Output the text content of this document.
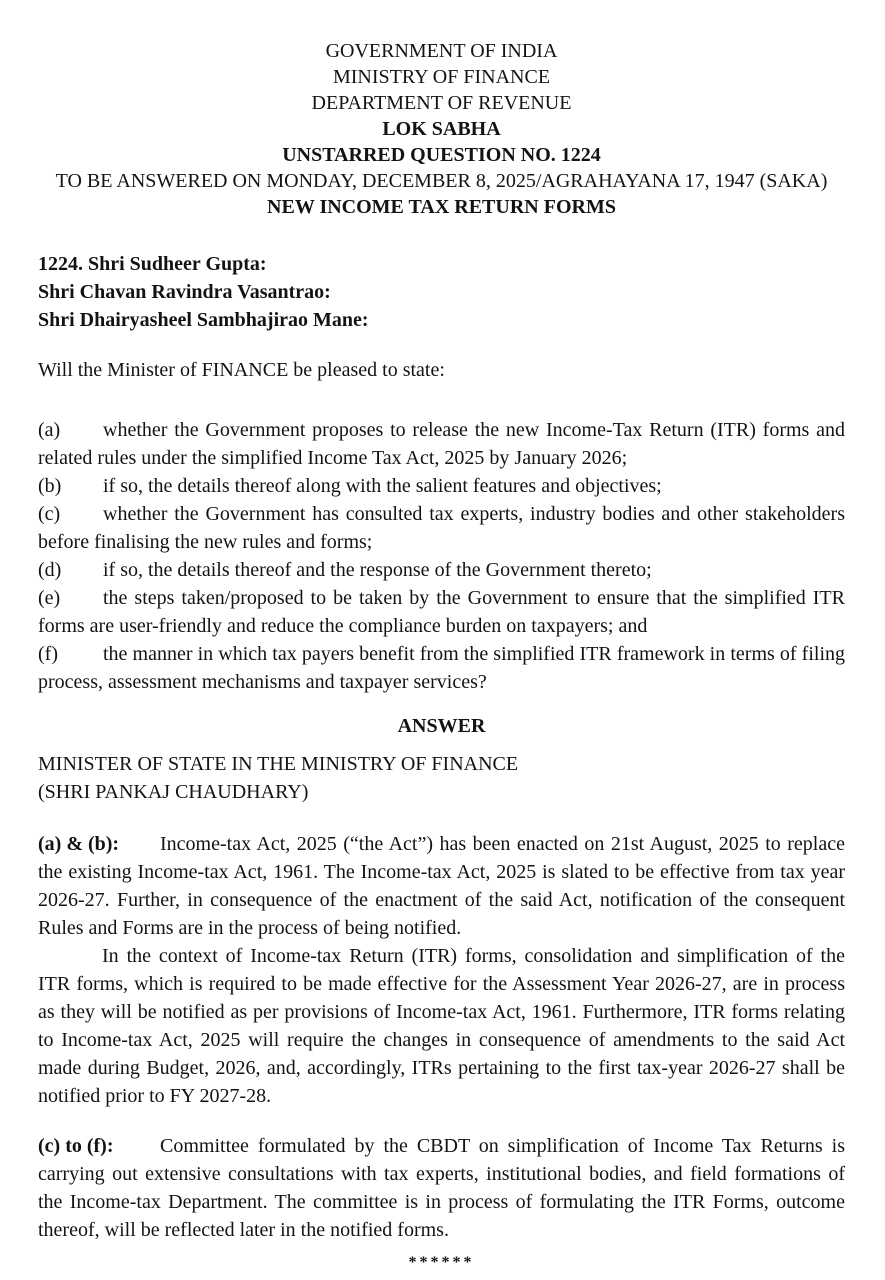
GOVERNMENT OF INDIA
MINISTRY OF FINANCE
DEPARTMENT OF REVENUE
LOK SABHA
UNSTARRED QUESTION NO. 1224
TO BE ANSWERED ON MONDAY, DECEMBER 8, 2025/AGRAHAYANA 17, 1947 (SAKA)
NEW INCOME TAX RETURN FORMS
1224. Shri Sudheer Gupta:
Shri Chavan Ravindra Vasantrao:
Shri Dhairyasheel Sambhajirao Mane:
Will the Minister of FINANCE be pleased to state:

(a) whether the Government proposes to release the new Income-Tax Return (ITR) forms and related rules under the simplified Income Tax Act, 2025 by January 2026;

(b) if so, the details thereof along with the salient features and objectives;

(c) whether the Government has consulted tax experts, industry bodies and other stakeholders before finalising the new rules and forms;

(d) if so, the details thereof and the response of the Government thereto;

(e) the steps taken/proposed to be taken by the Government to ensure that the simplified ITR forms are user-friendly and reduce the compliance burden on taxpayers; and

(f) the manner in which tax payers benefit from the simplified ITR framework in terms of filing process, assessment mechanisms and taxpayer services?

ANSWER
MINISTER OF STATE IN THE MINISTRY OF FINANCE
(SHRI PANKAJ CHAUDHARY)

(a) & (b): Income-tax Act, 2025 (“the Act”) has been enacted on 21st August, 2025 to replace the existing Income-tax Act, 1961. The Income-tax Act, 2025 is slated to be effective from tax year 2026-27. Further, in consequence of the enactment of the said Act, notification of the consequent Rules and Forms are in the process of being notified.

In the context of Income-tax Return (ITR) forms, consolidation and simplification of the ITR forms, which is required to be made effective for the Assessment Year 2026-27, are in process as they will be notified as per provisions of Income-tax Act, 1961. Furthermore, ITR forms relating to Income-tax Act, 2025 will require the changes in consequence of amendments to the said Act made during Budget, 2026, and, accordingly, ITRs pertaining to the first tax-year 2026-27 shall be notified prior to FY 2027-28.

(c) to (f): Committee formulated by the CBDT on simplification of Income Tax Returns is carrying out extensive consultations with tax experts, institutional bodies, and field formations of the Income-tax Department. The committee is in process of formulating the ITR Forms, outcome thereof, will be reflected later in the notified forms.

******
